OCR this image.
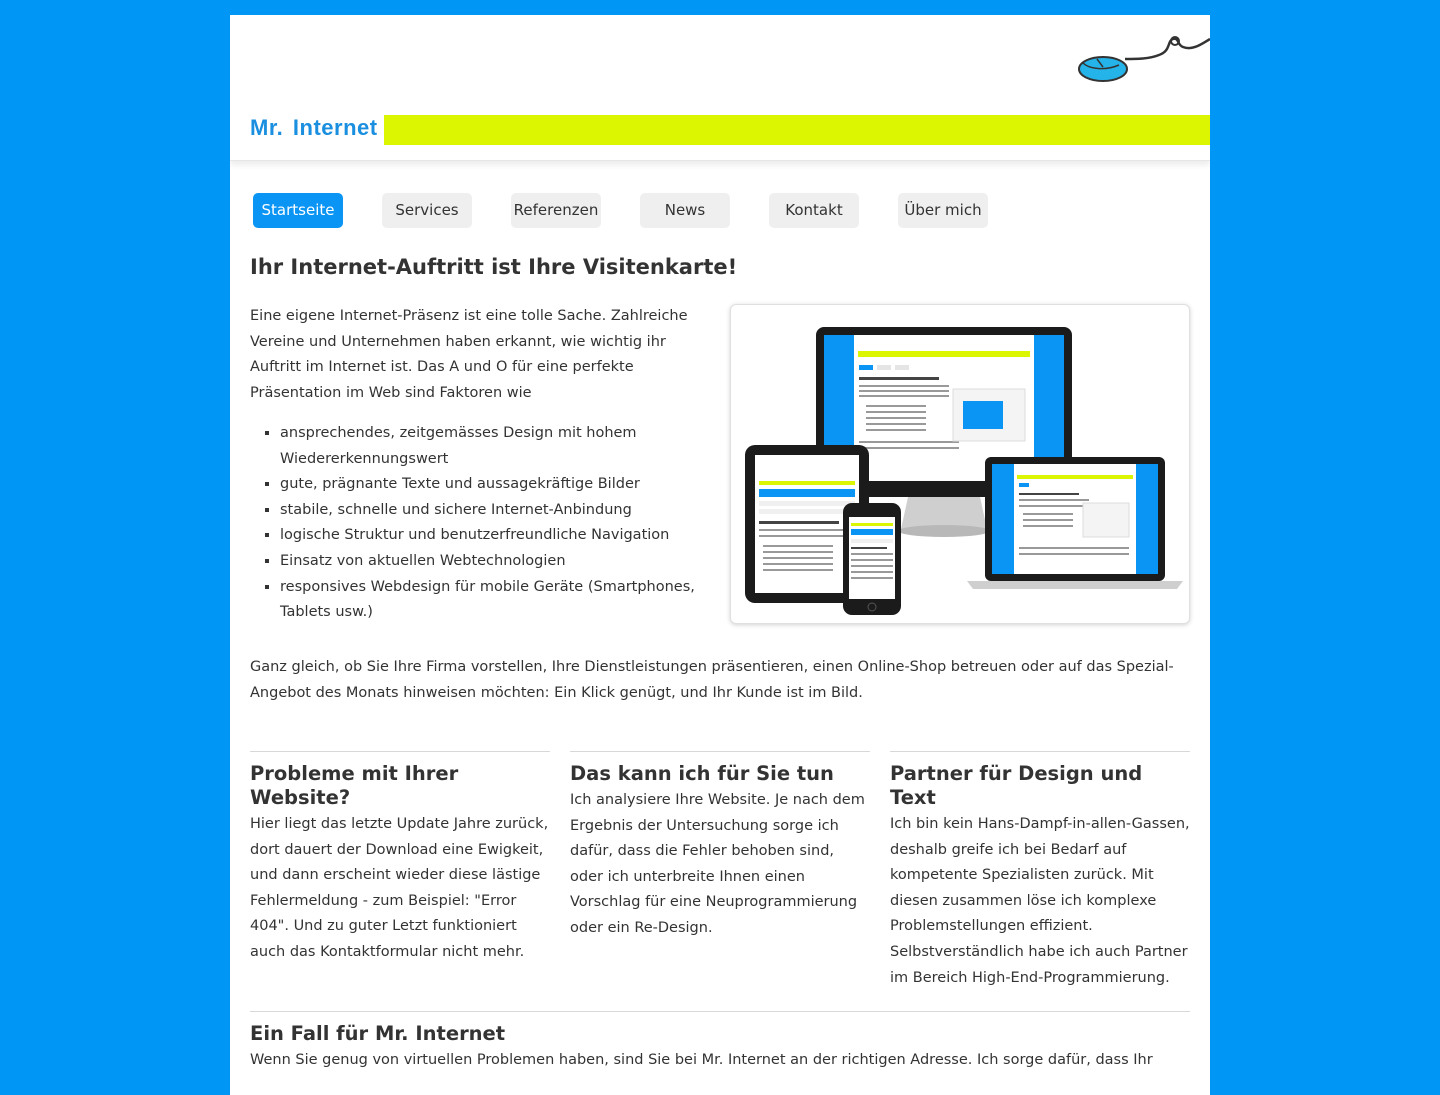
Mr. Internet
Startseite	Services	Referenzen	News	Kontakt	Über mich
Ihr Internet-Auftritt ist Ihre Visitenkarte!

Eine eigene Internet-Präsenz ist eine tolle Sache. Zahlreiche Vereine und Unternehmen haben erkannt, wie wichtig ihr Auftritt im Internet ist. Das A und O für eine perfekte Präsentation im Web sind Faktoren wie

▪ ansprechendes, zeitgemässes Design mit hohem Wiedererkennungswert
▪ gute, prägnante Texte und aussagekräftige Bilder
▪ stabile, schnelle und sichere Internet-Anbindung
▪ logische Struktur und benutzerfreundliche Navigation
▪ Einsatz von aktuellen Webtechnologien
▪ responsives Webdesign für mobile Geräte (Smartphones, Tablets usw.)

Ganz gleich, ob Sie Ihre Firma vorstellen, Ihre Dienstleistungen präsentieren, einen Online-Shop betreuen oder auf das Spezial-Angebot des Monats hinweisen möchten: Ein Klick genügt, und Ihr Kunde ist im Bild.

Probleme mit Ihrer Website?

Hier liegt das letzte Update Jahre zurück, dort dauert der Download eine Ewigkeit, und dann erscheint wieder diese lästige Fehlermeldung - zum Beispiel: "Error 404". Und zu guter Letzt funktioniert auch das Kontaktformular nicht mehr.

Das kann ich für Sie tun

Ich analysiere Ihre Website. Je nach dem Ergebnis der Untersuchung sorge ich dafür, dass die Fehler behoben sind, oder ich unterbreite Ihnen einen Vorschlag für eine Neuprogrammierung oder ein Re-Design.

Partner für Design und Text

Ich bin kein Hans-Dampf-in-allen-Gassen, deshalb greife ich bei Bedarf auf kompetente Spezialisten zurück. Mit diesen zusammen löse ich komplexe Problemstellungen effizient. Selbstverständlich habe ich auch Partner im Bereich High-End-Programmierung.

Ein Fall für Mr. Internet

Wenn Sie genug von virtuellen Problemen haben, sind Sie bei Mr. Internet an der richtigen Adresse. Ich sorge dafür, dass Ihr
